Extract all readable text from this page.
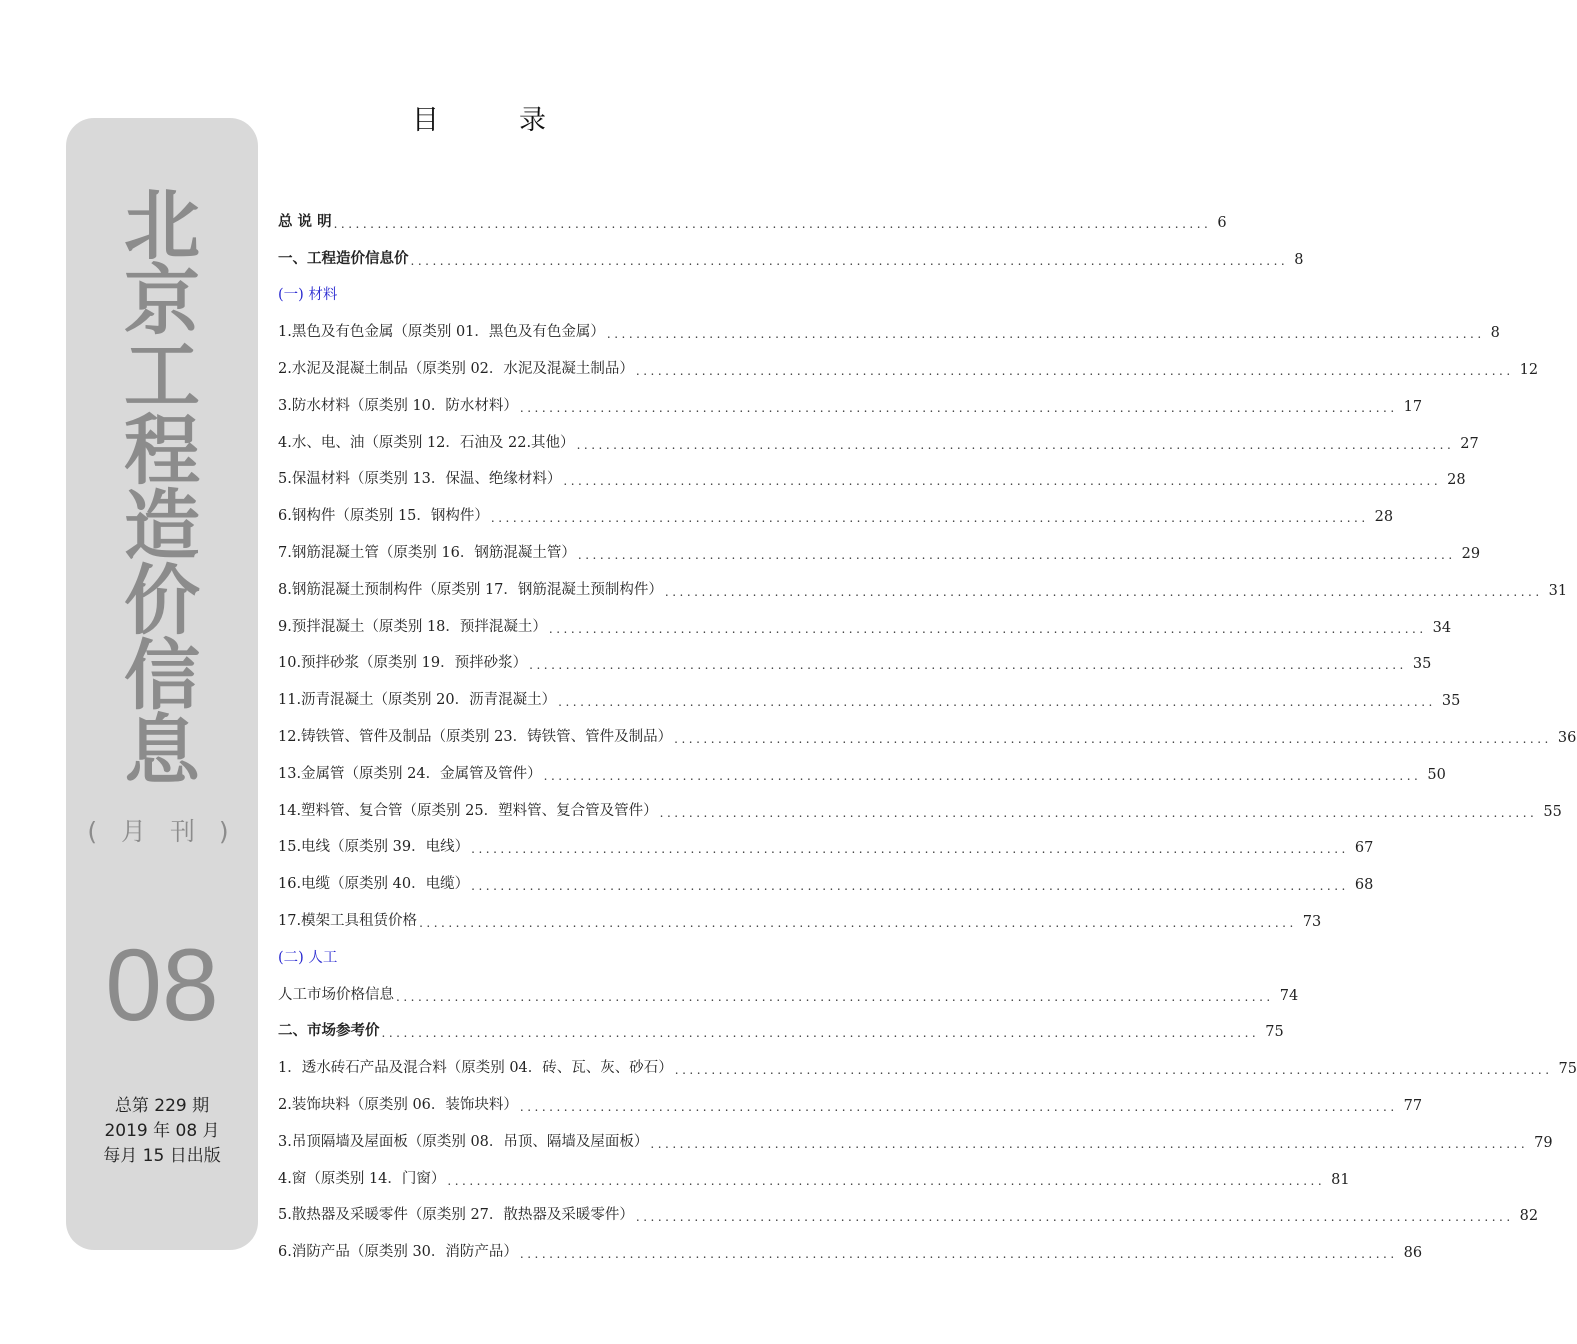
目	录
北
京
工
程
造
价
信
息
( 月 刊 )
08
总第 229 期
2019 年 08 月
每月 15 日出版
总 说 明 ........................................................................................................................ 6
一、工程造价信息价 ........................................................................................................................ 8
(一) 材料
1.黑色及有色金属（原类别 01．黑色及有色金属） ........................................................................................................................ 8
2.水泥及混凝土制品（原类别 02．水泥及混凝土制品） ........................................................................................................................ 12
3.防水材料（原类别 10．防水材料） ........................................................................................................................ 17
4.水、电、油（原类别 12．石油及 22.其他） ........................................................................................................................ 27
5.保温材料（原类别 13．保温、绝缘材料） ........................................................................................................................ 28
6.钢构件（原类别 15．钢构件） ........................................................................................................................ 28
7.钢筋混凝土管（原类别 16．钢筋混凝土管） ........................................................................................................................ 29
8.钢筋混凝土预制构件（原类别 17．钢筋混凝土预制构件） ........................................................................................................................ 31
9.预拌混凝土（原类别 18．预拌混凝土） ........................................................................................................................ 34
10.预拌砂浆（原类别 19．预拌砂浆） ........................................................................................................................ 35
11.沥青混凝土（原类别 20．沥青混凝土） ........................................................................................................................ 35
12.铸铁管、管件及制品（原类别 23．铸铁管、管件及制品） ........................................................................................................................ 36
13.金属管（原类别 24．金属管及管件） ........................................................................................................................ 50
14.塑料管、复合管（原类别 25．塑料管、复合管及管件） ........................................................................................................................ 55
15.电线（原类别 39．电线） ........................................................................................................................ 67
16.电缆（原类别 40．电缆） ........................................................................................................................ 68
17.模架工具租赁价格 ........................................................................................................................ 73
(二) 人工
人工市场价格信息 ........................................................................................................................ 74
二、市场参考价 ........................................................................................................................ 75
1．透水砖石产品及混合料（原类别 04．砖、瓦、灰、砂石） ........................................................................................................................ 75
2.装饰块料（原类别 06．装饰块料） ........................................................................................................................ 77
3.吊顶隔墙及屋面板（原类别 08．吊顶、隔墙及屋面板） ........................................................................................................................ 79
4.窗（原类别 14．门窗） ........................................................................................................................ 81
5.散热器及采暖零件（原类别 27．散热器及采暖零件） ........................................................................................................................ 82
6.消防产品（原类别 30．消防产品） ........................................................................................................................ 86
